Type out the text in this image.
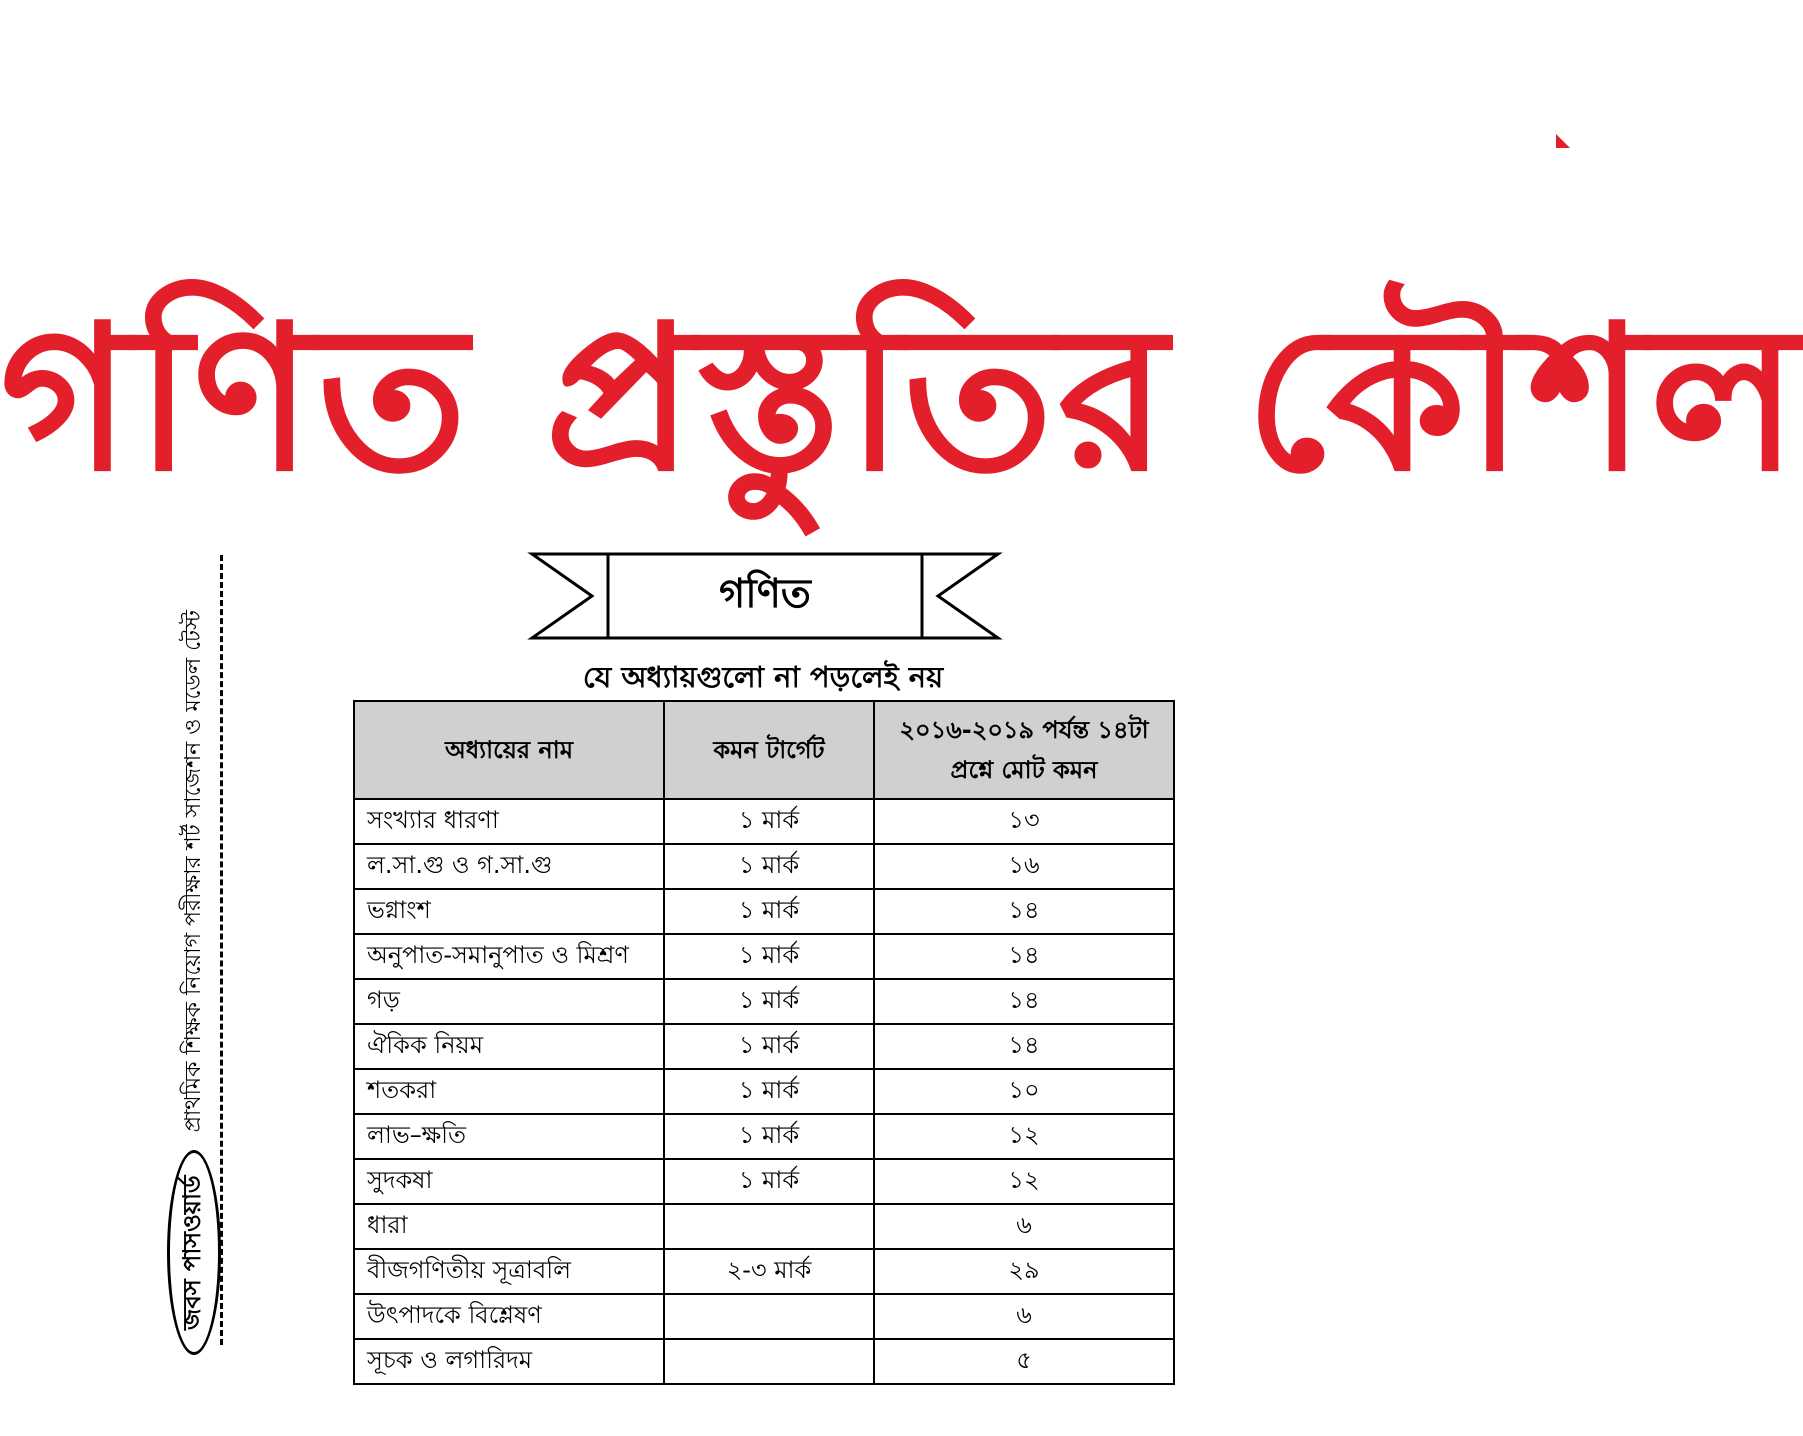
গণিত প্রস্তুতির কৌশল
জবস পাসওয়ার্ড
প্রাথমিক শিক্ষক নিয়োগ পরীক্ষার শর্ট সাজেশন ও মডেল টেস্ট
গণিত
যে অধ্যায়গুলো না পড়লেই নয়
অধ্যায়ের নাম	কমন টার্গেট	২০১৬-২০১৯ পর্যন্ত ১৪টা প্রশ্নে মোট কমন
সংখ্যার ধারণা	১ মার্ক	১৩
ল.সা.গু ও গ.সা.গু	১ মার্ক	১৬
ভগ্নাংশ	১ মার্ক	১৪
অনুপাত-সমানুপাত ও মিশ্রণ	১ মার্ক	১৪
গড়	১ মার্ক	১৪
ঐকিক নিয়ম	১ মার্ক	১৪
শতকরা	১ মার্ক	১০
লাভ–ক্ষতি	১ মার্ক	১২
সুদকষা	১ মার্ক	১২
ধারা		৬
বীজগণিতীয় সূত্রাবলি	২-৩ মার্ক	২৯
উৎপাদকে বিশ্লেষণ		৬
সূচক ও লগারিদম		৫
